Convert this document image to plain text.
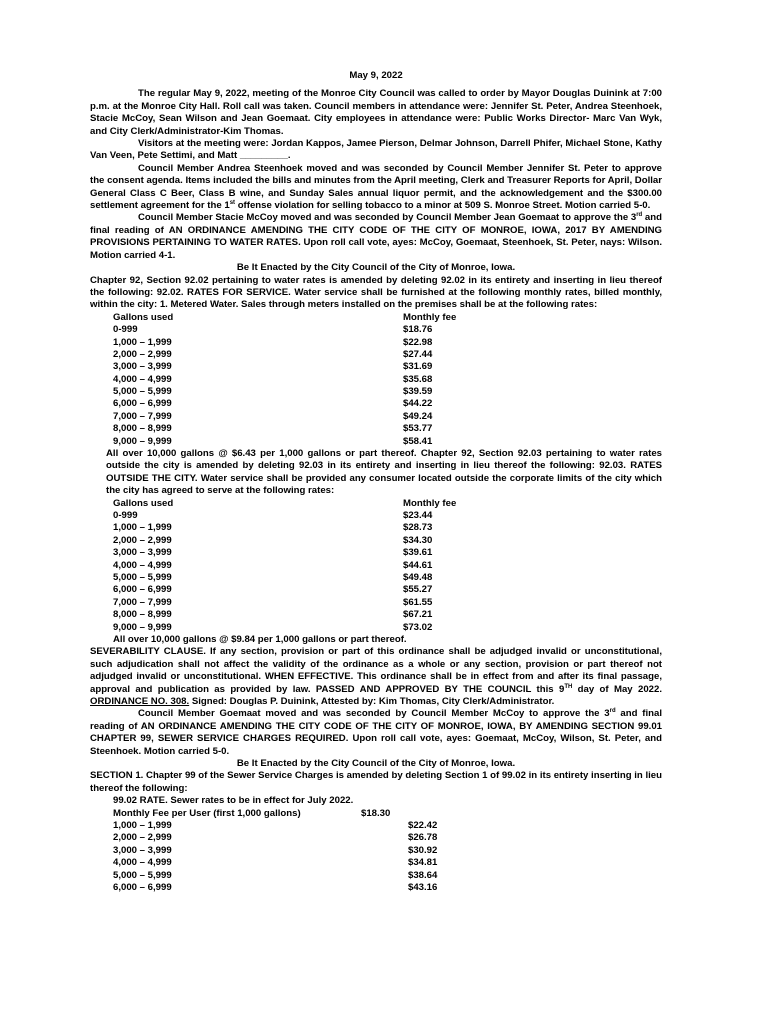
May 9, 2022

The regular May 9, 2022, meeting of the Monroe City Council was called to order by Mayor Douglas Duinink at 7:00 p.m. at the Monroe City Hall. Roll call was taken. Council members in attendance were: Jennifer St. Peter, Andrea Steenhoek, Stacie McCoy, Sean Wilson and Jean Goemaat. City employees in attendance were: Public Works Director- Marc Van Wyk, and City Clerk/Administrator-Kim Thomas.

Visitors at the meeting were: Jordan Kappos, Jamee Pierson, Delmar Johnson, Darrell Phifer, Michael Stone, Kathy Van Veen, Pete Settimi, and Matt _________.

Council Member Andrea Steenhoek moved and was seconded by Council Member Jennifer St. Peter to approve the consent agenda. Items included the bills and minutes from the April meeting, Clerk and Treasurer Reports for April, Dollar General Class C Beer, Class B wine, and Sunday Sales annual liquor permit, and the acknowledgement and the $300.00 settlement agreement for the 1st offense violation for selling tobacco to a minor at 509 S. Monroe Street. Motion carried 5-0.

Council Member Stacie McCoy moved and was seconded by Council Member Jean Goemaat to approve the 3rd and final reading of AN ORDINANCE AMENDING THE CITY CODE OF THE CITY OF MONROE, IOWA, 2017 BY AMENDING PROVISIONS PERTAINING TO WATER RATES. Upon roll call vote, ayes: McCoy, Goemaat, Steenhoek, St. Peter, nays: Wilson. Motion carried 4-1.

Be It Enacted by the City Council of the City of Monroe, Iowa.

Chapter 92, Section 92.02 pertaining to water rates is amended by deleting 92.02 in its entirety and inserting in lieu thereof the following: 92.02. RATES FOR SERVICE. Water service shall be furnished at the following monthly rates, billed monthly, within the city: 1. Metered Water. Sales through meters installed on the premises shall be at the following rates:

Gallons used	Monthly fee
0-999	$18.76
1,000 – 1,999	$22.98
2,000 – 2,999	$27.44
3,000 – 3,999	$31.69
4,000 – 4,999	$35.68
5,000 – 5,999	$39.59
6,000 – 6,999	$44.22
7,000 – 7,999	$49.24
8,000 – 8,999	$53.77
9,000 – 9,999	$58.41

All over 10,000 gallons @ $6.43 per 1,000 gallons or part thereof. Chapter 92, Section 92.03 pertaining to water rates outside the city is amended by deleting 92.03 in its entirety and inserting in lieu thereof the following: 92.03. RATES OUTSIDE THE CITY. Water service shall be provided any consumer located outside the corporate limits of the city which the city has agreed to serve at the following rates:

Gallons used	Monthly fee
0-999	$23.44
1,000 – 1,999	$28.73
2,000 – 2,999	$34.30
3,000 – 3,999	$39.61
4,000 – 4,999	$44.61
5,000 – 5,999	$49.48
6,000 – 6,999	$55.27
7,000 – 7,999	$61.55
8,000 – 8,999	$67.21
9,000 – 9,999	$73.02

All over 10,000 gallons @ $9.84 per 1,000 gallons or part thereof.

SEVERABILITY CLAUSE. If any section, provision or part of this ordinance shall be adjudged invalid or unconstitutional, such adjudication shall not affect the validity of the ordinance as a whole or any section, provision or part thereof not adjudged invalid or unconstitutional. WHEN EFFECTIVE. This ordinance shall be in effect from and after its final passage, approval and publication as provided by law. PASSED AND APPROVED BY THE COUNCIL this 9TH day of May 2022. ORDINANCE NO. 308. Signed: Douglas P. Duinink, Attested by: Kim Thomas, City Clerk/Administrator.

Council Member Goemaat moved and was seconded by Council Member McCoy to approve the 3rd and final reading of AN ORDINANCE AMENDING THE CITY CODE OF THE CITY OF MONROE, IOWA, BY AMENDING SECTION 99.01 CHAPTER 99, SEWER SERVICE CHARGES REQUIRED. Upon roll call vote, ayes: Goemaat, McCoy, Wilson, St. Peter, and Steenhoek. Motion carried 5-0.

Be It Enacted by the City Council of the City of Monroe, Iowa.

SECTION 1. Chapter 99 of the Sewer Service Charges is amended by deleting Section 1 of 99.02 in its entirety inserting in lieu thereof the following:

99.02 RATE. Sewer rates to be in effect for July 2022.

Monthly Fee per User (first 1,000 gallons)	$18.30
1,000 – 1,999	$22.42
2,000 – 2,999	$26.78
3,000 – 3,999	$30.92
4,000 – 4,999	$34.81
5,000 – 5,999	$38.64
6,000 – 6,999	$43.16
